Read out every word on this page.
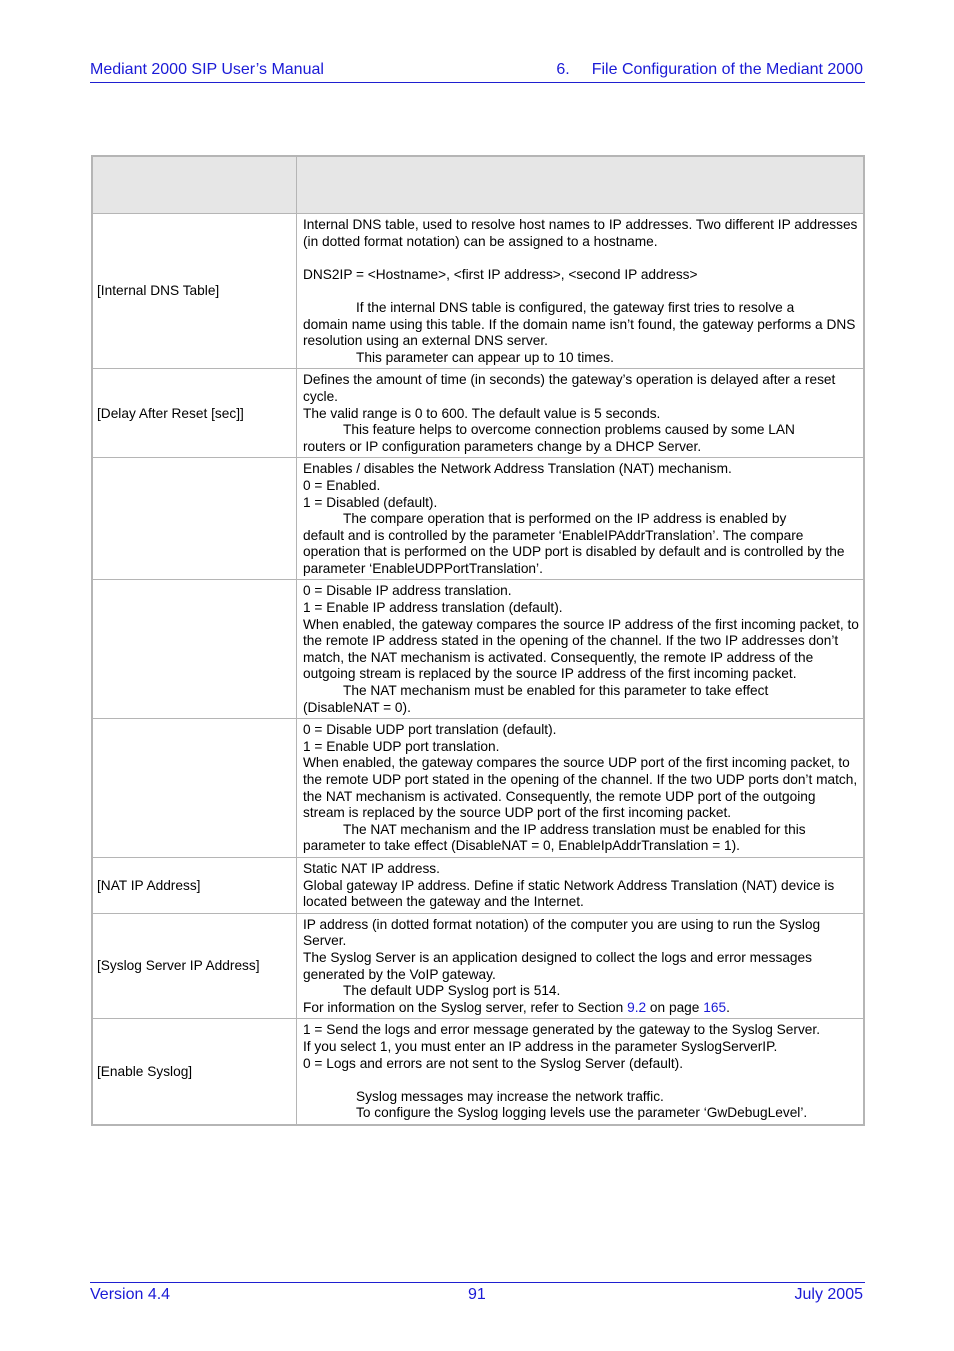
Mediant 2000 SIP User’s Manual	6. File Configuration of the Mediant 2000

[Internal DNS Table]	Internal DNS table, used to resolve host names to IP addresses. Two different IP addresses (in dotted format notation) can be assigned to a hostname.
DNS2IP = <Hostname>, <first IP address>, <second IP address>
If the internal DNS table is configured, the gateway first tries to resolve a
domain name using this table. If the domain name isn’t found, the gateway performs a DNS resolution using an external DNS server.
This parameter can appear up to 10 times.

[Delay After Reset [sec]]	Defines the amount of time (in seconds) the gateway’s operation is delayed after a reset cycle.
The valid range is 0 to 600. The default value is 5 seconds.
This feature helps to overcome connection problems caused by some LAN
routers or IP configuration parameters change by a DHCP Server.

	Enables / disables the Network Address Translation (NAT) mechanism.
0 = Enabled.
1 = Disabled (default).
The compare operation that is performed on the IP address is enabled by
default and is controlled by the parameter ‘EnableIPAddrTranslation’. The compare operation that is performed on the UDP port is disabled by default and is controlled by the parameter ‘EnableUDPPortTranslation’.

	0 = Disable IP address translation.
1 = Enable IP address translation (default).
When enabled, the gateway compares the source IP address of the first incoming packet, to the remote IP address stated in the opening of the channel. If the two IP addresses don’t match, the NAT mechanism is activated. Consequently, the remote IP address of the outgoing stream is replaced by the source IP address of the first incoming packet.
The NAT mechanism must be enabled for this parameter to take effect
(DisableNAT = 0).

	0 = Disable UDP port translation (default).
1 = Enable UDP port translation.
When enabled, the gateway compares the source UDP port of the first incoming packet, to the remote UDP port stated in the opening of the channel. If the two UDP ports don’t match, the NAT mechanism is activated. Consequently, the remote UDP port of the outgoing stream is replaced by the source UDP port of the first incoming packet.
The NAT mechanism and the IP address translation must be enabled for this
parameter to take effect (DisableNAT = 0, EnableIpAddrTranslation = 1).

[NAT IP Address]	Static NAT IP address.
Global gateway IP address. Define if static Network Address Translation (NAT) device is located between the gateway and the Internet.

[Syslog Server IP Address]	IP address (in dotted format notation) of the computer you are using to run the Syslog Server.
The Syslog Server is an application designed to collect the logs and error messages generated by the VoIP gateway.
The default UDP Syslog port is 514.
For information on the Syslog server, refer to Section 9.2 on page 165.

[Enable Syslog]	1 = Send the logs and error message generated by the gateway to the Syslog Server.
If you select 1, you must enter an IP address in the parameter SyslogServerIP.
0 = Logs and errors are not sent to the Syslog Server (default).
Syslog messages may increase the network traffic.
To configure the Syslog logging levels use the parameter ‘GwDebugLevel’.
Version 4.4	91	July 2005
